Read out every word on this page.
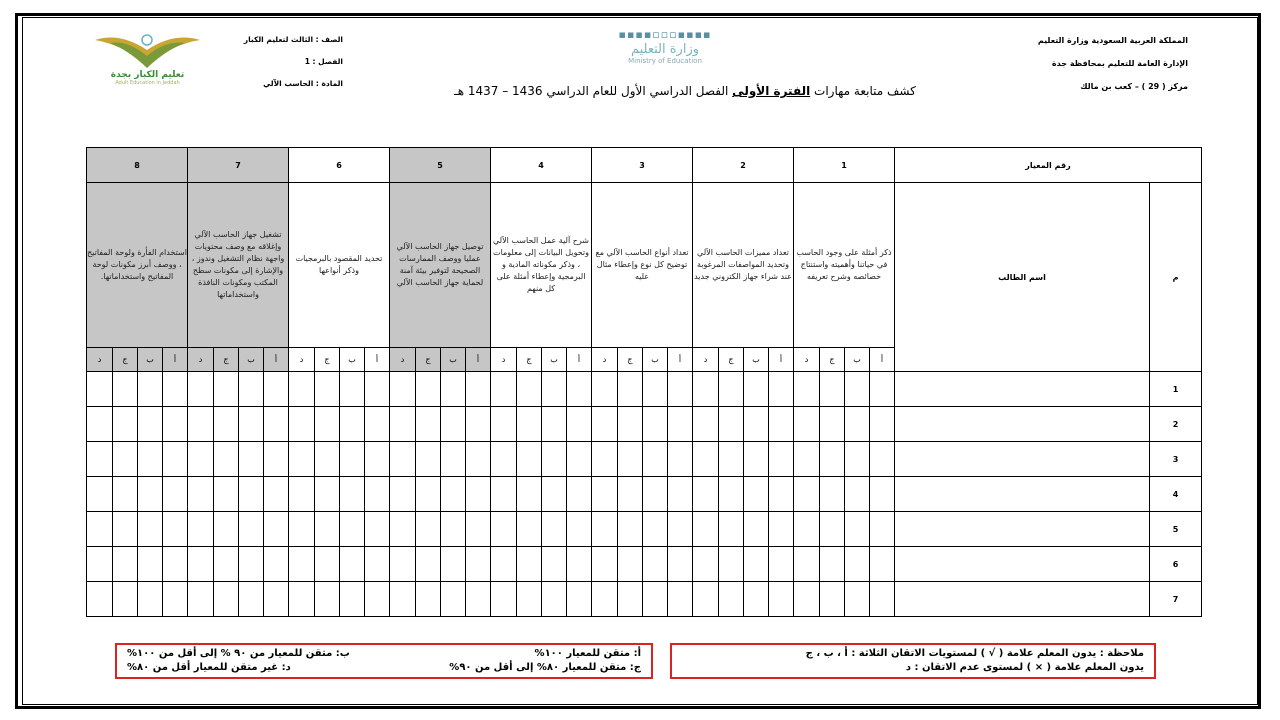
المملكة العربية السعودية وزارة التعليم
الإدارة العامة للتعليم بمحافظة جدة
مركز ( 29 ) – كعب بن مالك
▪▪▪▪▫▫▫▪▪▪▪
وزارة التعليم
Ministry of Education
كشف متابعة مهارات الفترة الأولى الفصل الدراسي الأول للعام الدراسي 1436 – 1437 هـ
الصف : الثالث لتعليم الكبار
الفصل : 1
المادة : الحاسب الآلي
تعليم الكبار بجدة
Adult Education in Jeddah
رقم المعيار		1				2				3				4				5				6				7				8			
م	اسم الطالب	ذكر أمثلة على وجود الحاسب في حياتنا وأهميته واستنتاج خصائصه وشرح تعريفه				تعداد مميزات الحاسب الآلي وتحديد المواصفات المرغوبة عند شراء جهاز الكتروني جديد				تعداد أنواع الحاسب الآلي مع توضيح كل نوع وإعطاء مثال عليه				شرح آلية عمل الحاسب الآلي وتحويل البيانات إلى معلومات ، وذكر مكوناته المادية و البرمجية وإعطاء أمثلة على كل منهم				توصيل جهاز الحاسب الآلي عمليا ووصف الممارسات الصحيحة لتوفير بيئة آمنة لحماية جهاز الحاسب الآلي				تحديد المقصود بالبرمجيات وذكر أنواعها				تشغيل جهاز الحاسب الآلي وإغلاقه مع وصف محتويات واجهة نظام التشغيل وندوز ، والإشارة إلى مكونات سطح المكتب ومكونات النافذة واستخداماتها				استخدام الفأرة ولوحة المفاتيح ، ووصف أبرز مكونات لوحة المفاتيح واستخداماتها.			
		أ	ب	ج	د	أ	ب	ج	د	أ	ب	ج	د	أ	ب	ج	د	أ	ب	ج	د	أ	ب	ج	د	أ	ب	ج	د	أ	ب	ج	د
1																																	
2																																	
3																																	
4																																	
5																																	
6																																	
7																																	
ملاحظة : يدون المعلم علامة ( √ ) لمستويات الاتقان الثلاثة : أ ، ب ، ج
يدون المعلم علامة ( × ) لمستوى عدم الاتقان : د
أ: متقن للمعيار ١٠٠%
ب: متقن للمعيار من ٩٠ % إلى أقل من ١٠٠%
ج: متقن للمعيار ٨٠% إلى أقل من ٩٠%
د: غير متقن للمعيار أقل من ٨٠%
